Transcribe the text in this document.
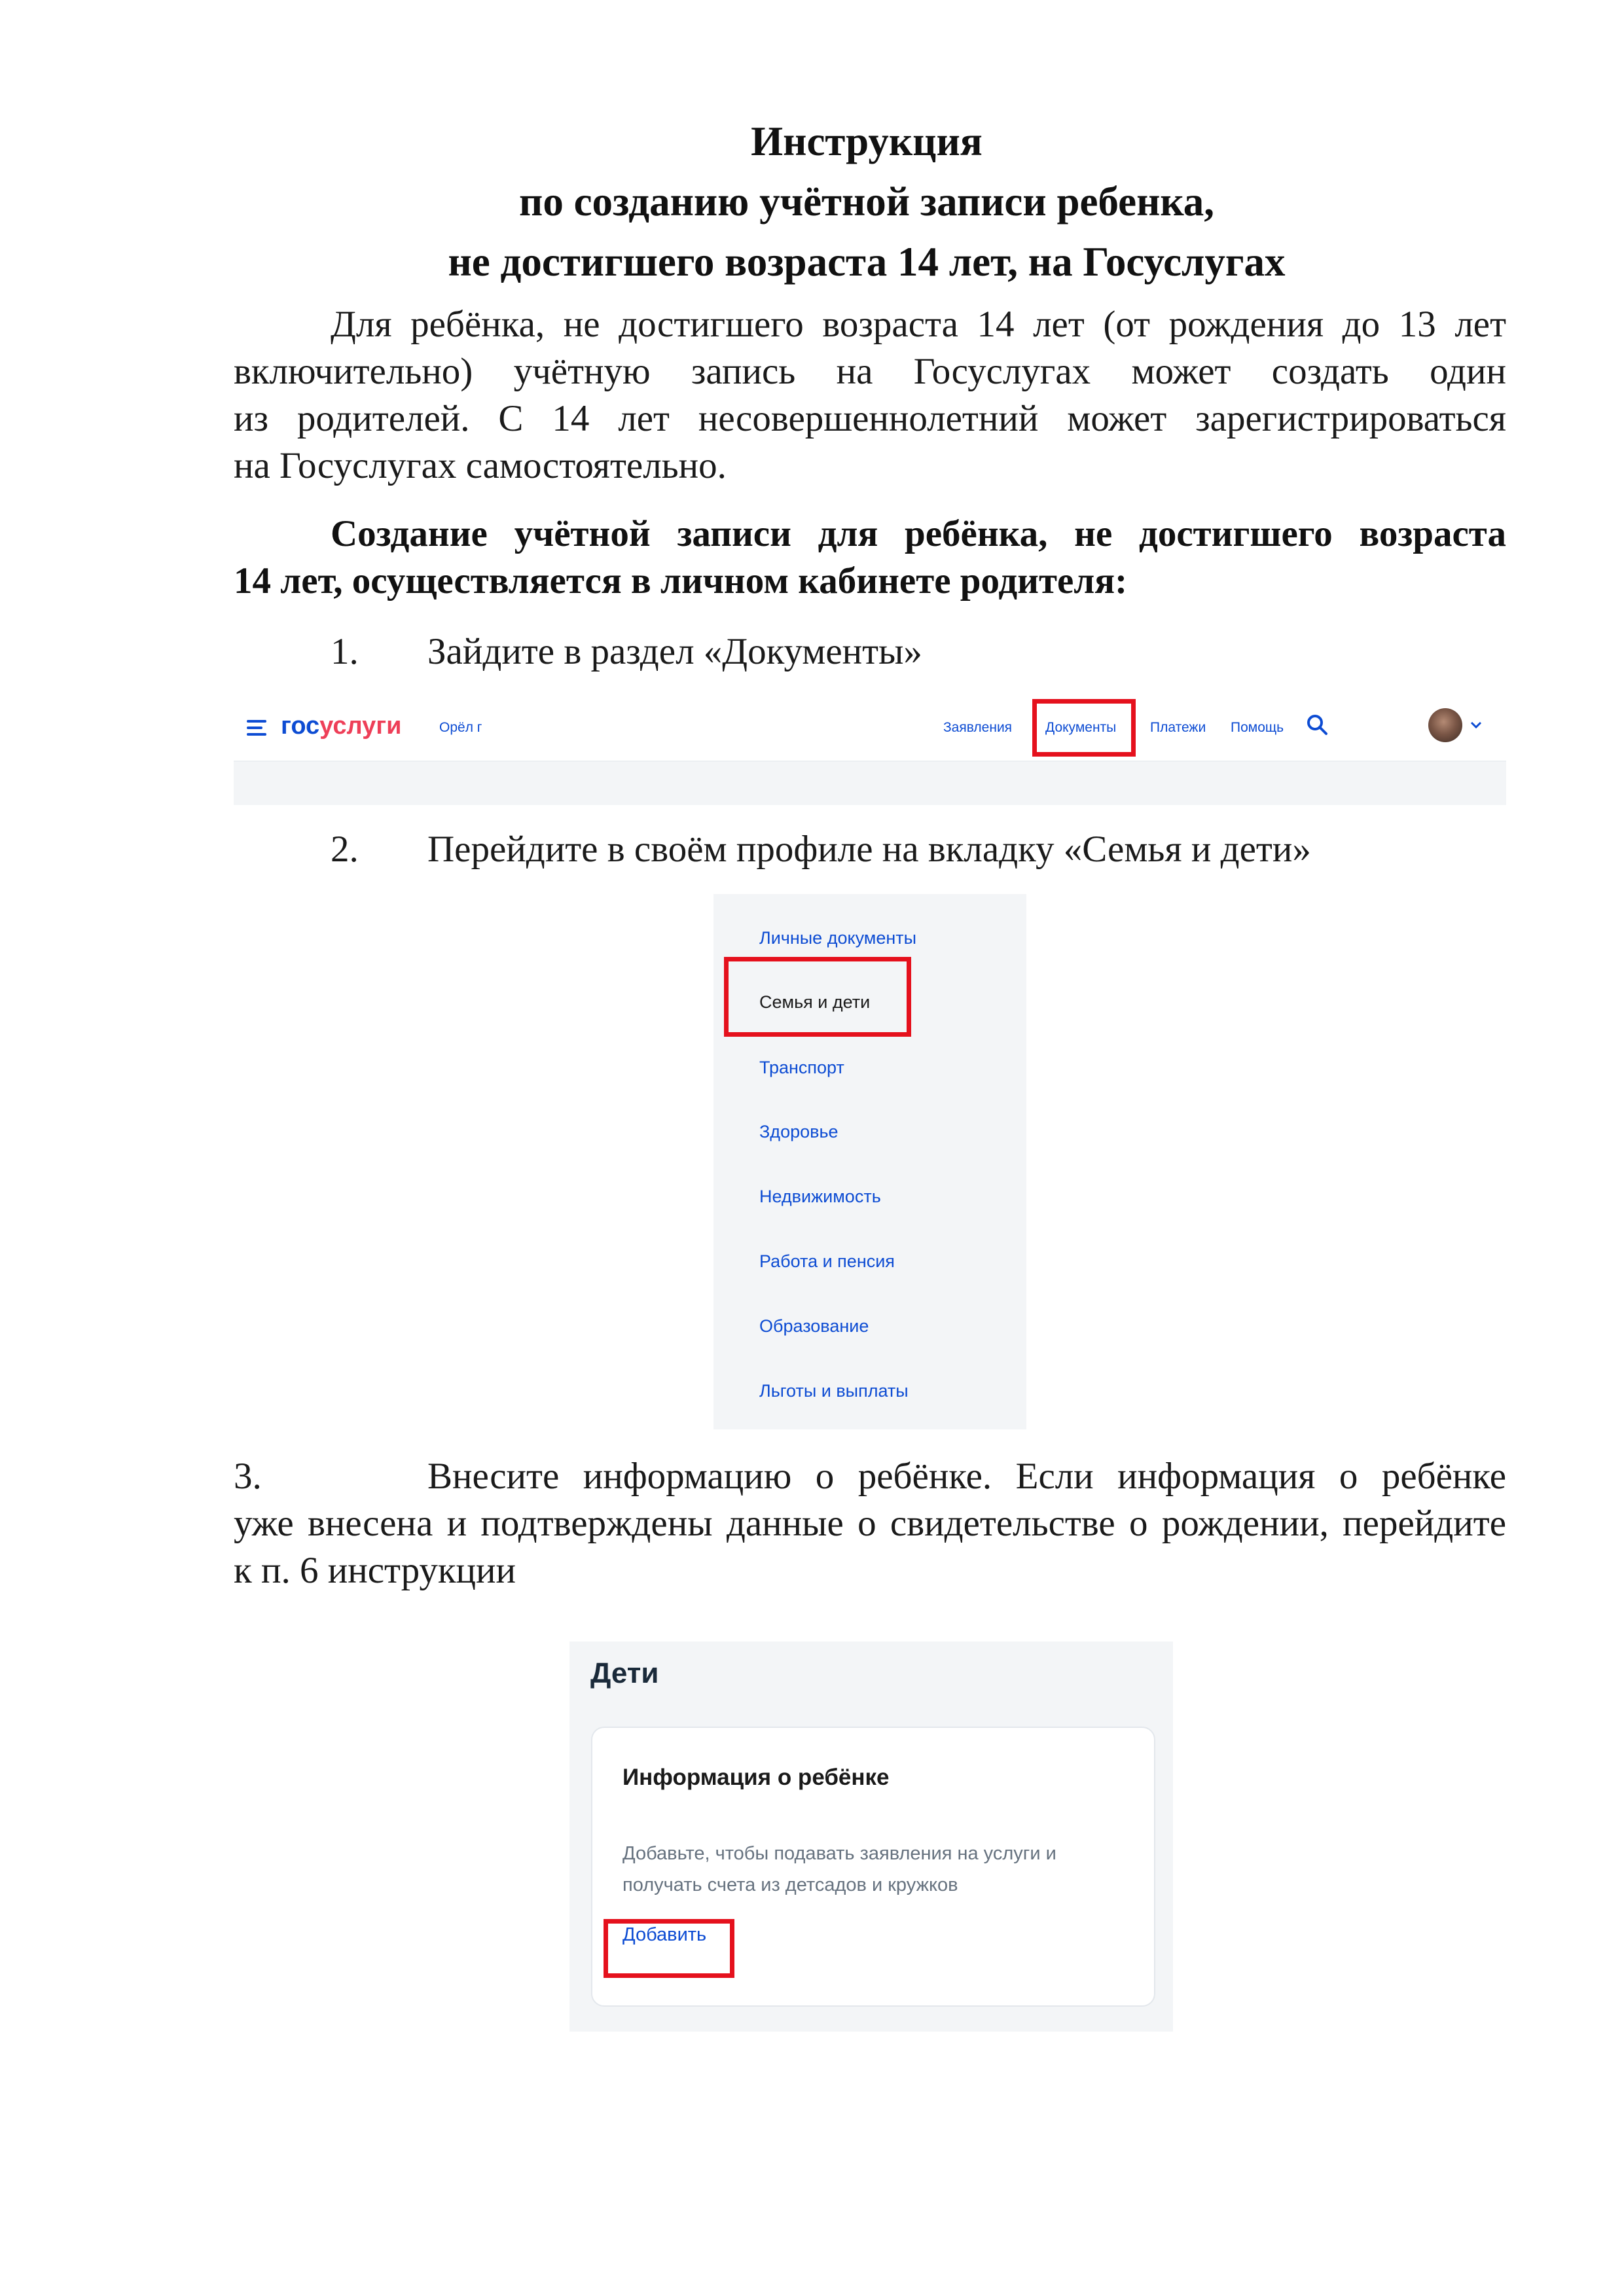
Инструкция
по созданию учётной записи ребенка,
не достигшего возраста 14 лет, на Госуслугах
Для ребёнка, не достигшего возраста 14 лет (от рождения до 13 лет
включительно) учётную запись на Госуслугах может создать один
из родителей. С 14 лет несовершеннолетний может зарегистрироваться
на Госуслугах самостоятельно.
Создание учётной записи для ребёнка, не достигшего возраста
14 лет, осуществляется в личном кабинете родителя:
1. Зайдите в раздел «Документы»
госуслуги	Орёл г	Заявления Документы Платежи Помощь
2. Перейдите в своём профиле на вкладку «Семья и дети»
Личные документы
Семья и дети
Транспорт
Здоровье
Недвижимость
Работа и пенсия
Образование
Льготы и выплаты
3.	Внесите информацию о ребёнке. Если информация о ребёнке
уже внесена и подтверждены данные о свидетельстве о рождении, перейдите
к п. 6 инструкции
Дети
Информация о ребёнке
Добавьте, чтобы подавать заявления на услуги и
получать счета из детсадов и кружков
Добавить
